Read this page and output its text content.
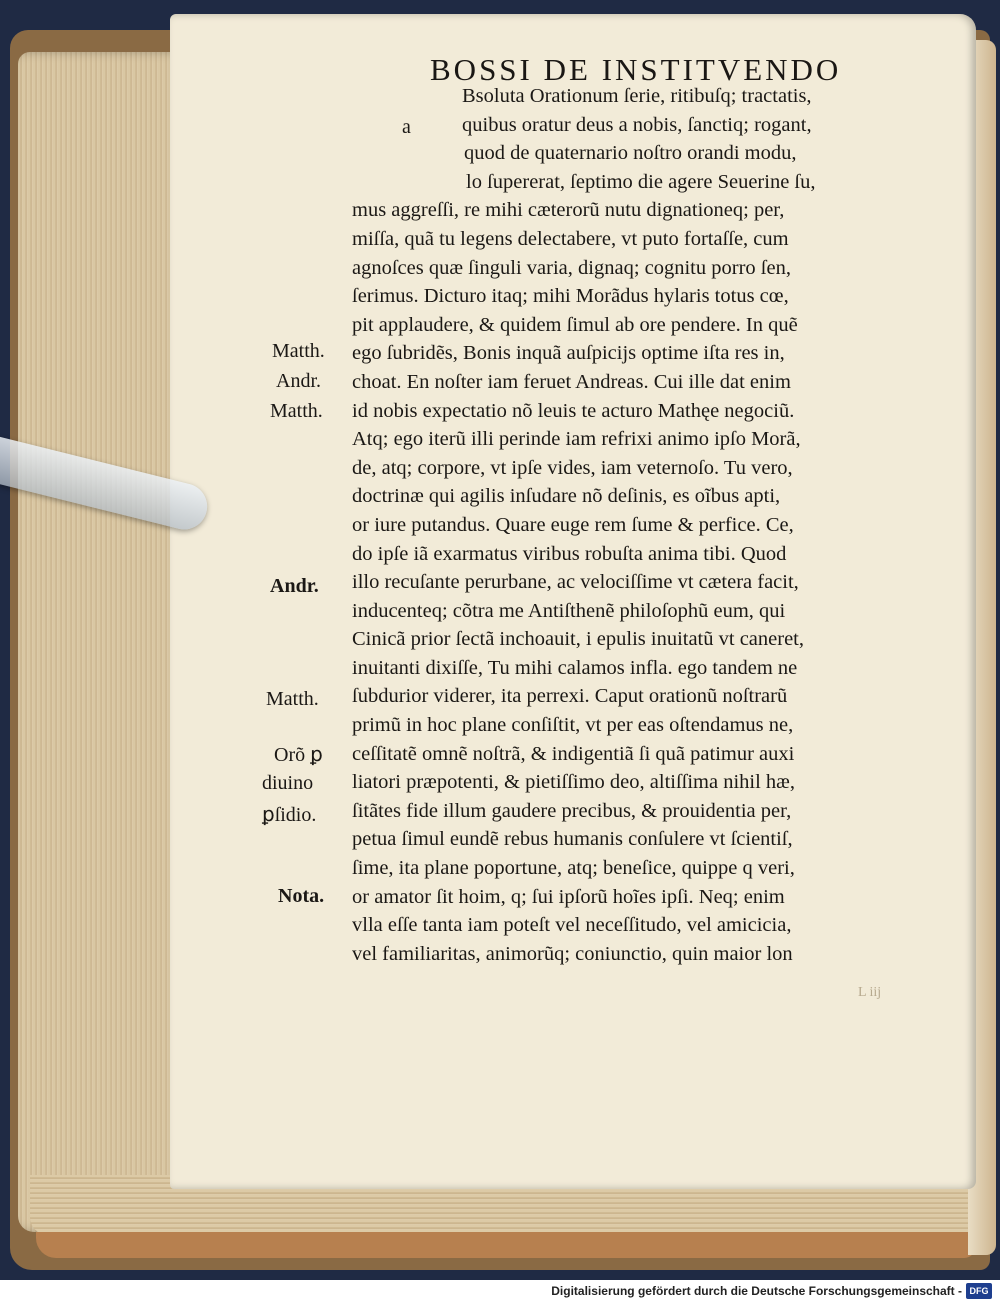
BOSSI DE INSTITVENDO
a
Bsoluta Orationum ſerie, ritibuſq; tractatis,
quibus oratur deus a nobis, ſanctiq; rogant,
quod de quaternario noſtro orandi modu,
lo ſupererat, ſeptimo die agere Seuerine ſu,
mus aggreſſi, re mihi cæterorũ nutu dignationeq; per,
miſſa, quã tu legens delectabere, vt puto fortaſſe, cum
agnoſces quæ ſinguli varia, dignaq; cognitu porro ſen,
ſerimus. Dicturo itaq; mihi Morãdus hylaris totus cœ,
pit applaudere, & quidem ſimul ab ore pendere. In quẽ
ego ſubridẽs, Bonis inquã auſpicijs optime iſta res in,
choat. En noſter iam feruet Andreas. Cui ille dat enim
id nobis expectatio nõ leuis te acturo Mathęe negociũ.
Atq; ego iterũ illi perinde iam refrixi animo ipſo Morã,
de, atq; corpore, vt ipſe vides, iam veternoſo. Tu vero,
doctrinæ qui agilis inſudare nõ deſinis, es oĩbus apti,
or iure putandus. Quare euge rem ſume & perfice. Ce,
do ipſe iã exarmatus viribus robuſta anima tibi. Quod
illo recuſante perurbane, ac velociſſime vt cætera facit,
inducenteq; cõtra me Antiſthenẽ philoſophũ eum, qui
Cinicã prior ſectã inchoauit, i epulis inuitatũ vt caneret,
inuitanti dixiſſe, Tu mihi calamos infla. ego tandem ne
ſubdurior viderer, ita perrexi. Caput orationũ noſtrarũ
primũ in hoc plane conſiſtit, vt per eas oſtendamus ne,
ceſſitatẽ omnẽ noſtrã, & indigentiã ſi quã patimur auxi
liatori præpotenti, & pietiſſimo deo, altiſſima nihil hæ,
ſitãtes fide illum gaudere precibus, & prouidentia per,
petua ſimul eundẽ rebus humanis conſulere vt ſcientiſ,
ſime, ita plane poportune, atq; beneſice, quippe q veri,
or amator ſit hoim, q; ſui ipſorũ hoĩes ipſi. Neq; enim
vlla eſſe tanta iam poteſt vel neceſſitudo, vel amicicia,
vel familiaritas, animorũq; coniunctio, quin maior lon
Matth.
Andr.
Matth.
Andr.
Matth.
Orõ ꝑ
diuino
ꝑſidio.
Nota.
L iij
Digitalisierung gefördert durch die Deutsche Forschungsgemeinschaft - DFG
